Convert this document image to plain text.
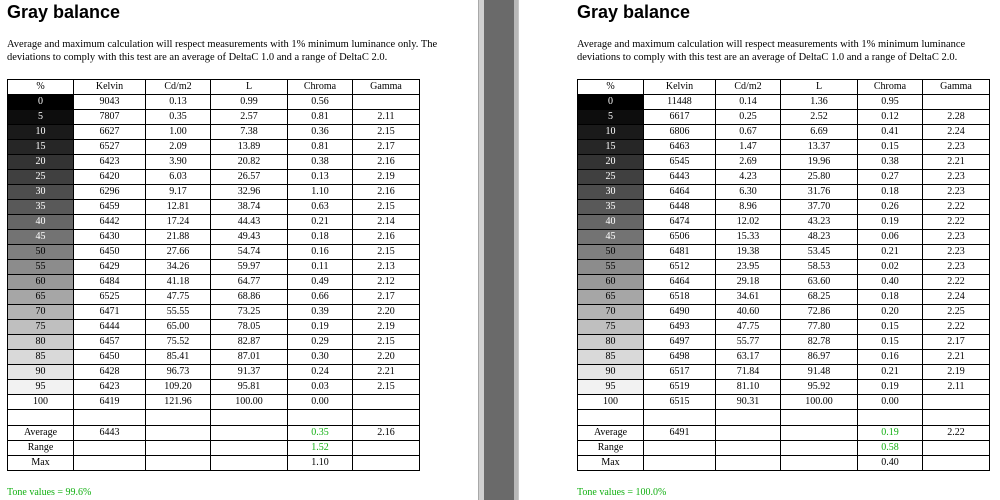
Gray balance

Average and maximum calculation will respect measurements with 1% minimum luminance only. The
deviations to comply with this test are an average of DeltaC 1.0 and a range of DeltaC 2.0.

%	Kelvin	Cd/m2	L	Chroma	Gamma
0	9043	0.13	0.99	0.56	
5	7807	0.35	2.57	0.81	2.11
10	6627	1.00	7.38	0.36	2.15
15	6527	2.09	13.89	0.81	2.17
20	6423	3.90	20.82	0.38	2.16
25	6420	6.03	26.57	0.13	2.19
30	6296	9.17	32.96	1.10	2.16
35	6459	12.81	38.74	0.63	2.15
40	6442	17.24	44.43	0.21	2.14
45	6430	21.88	49.43	0.18	2.16
50	6450	27.66	54.74	0.16	2.15
55	6429	34.26	59.97	0.11	2.13
60	6484	41.18	64.77	0.49	2.12
65	6525	47.75	68.86	0.66	2.17
70	6471	55.55	73.25	0.39	2.20
75	6444	65.00	78.05	0.19	2.19
80	6457	75.52	82.87	0.29	2.15
85	6450	85.41	87.01	0.30	2.20
90	6428	96.73	91.37	0.24	2.21
95	6423	109.20	95.81	0.03	2.15
100	6419	121.96	100.00	0.00	

Average	6443			0.35	2.16
Range				1.52	
Max				1.10	
Tone values = 99.6%
Gray balance

Average and maximum calculation will respect measurements with 1% minimum luminance
deviations to comply with this test are an average of DeltaC 1.0 and a range of DeltaC 2.0.

%	Kelvin	Cd/m2	L	Chroma	Gamma
0	11448	0.14	1.36	0.95	
5	6617	0.25	2.52	0.12	2.28
10	6806	0.67	6.69	0.41	2.24
15	6463	1.47	13.37	0.15	2.23
20	6545	2.69	19.96	0.38	2.21
25	6443	4.23	25.80	0.27	2.23
30	6464	6.30	31.76	0.18	2.23
35	6448	8.96	37.70	0.26	2.22
40	6474	12.02	43.23	0.19	2.22
45	6506	15.33	48.23	0.06	2.23
50	6481	19.38	53.45	0.21	2.23
55	6512	23.95	58.53	0.02	2.23
60	6464	29.18	63.60	0.40	2.22
65	6518	34.61	68.25	0.18	2.24
70	6490	40.60	72.86	0.20	2.25
75	6493	47.75	77.80	0.15	2.22
80	6497	55.77	82.78	0.15	2.17
85	6498	63.17	86.97	0.16	2.21
90	6517	71.84	91.48	0.21	2.19
95	6519	81.10	95.92	0.19	2.11
100	6515	90.31	100.00	0.00	

Average	6491			0.19	2.22
Range				0.58	
Max				0.40	
Tone values = 100.0%
